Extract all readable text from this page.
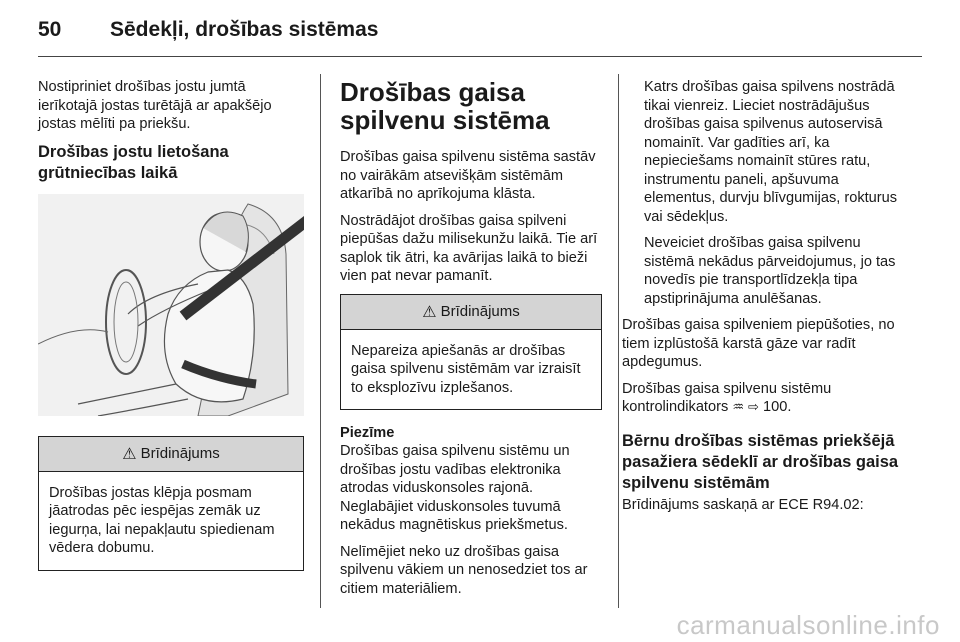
50 Sēdekļi, drošības sistēmas

Nostipriniet drošības jostu jumtā ierīkotajā jostas turētājā ar apakšējo jostas mēlīti pa priekšu.

Drošības jostu lietošana grūtniecības laikā
⚠ Brīdinājums
Drošības jostas klēpja posmam jāatrodas pēc iespējas zemāk uz iegurņa, lai nepakļautu spiedienam vēdera dobumu.
Drošības gaisa spilvenu sistēma

Drošības gaisa spilvenu sistēma sastāv no vairākām atsevišķām sistēmām atkarībā no aprīkojuma klāsta.

Nostrādājot drošības gaisa spilveni piepūšas dažu milisekunžu laikā. Tie arī saplok tik ātri, ka avārijas laikā to bieži vien pat nevar pamanīt.

⚠ Brīdinājums
Nepareiza apiešanās ar drošības gaisa spilvenu sistēmām var izraisīt to eksplozīvu izplešanos.
Piezīme

Drošības gaisa spilvenu sistēmu un drošības jostu vadības elektronika atrodas viduskonsoles rajonā. Neglabājiet viduskonsoles tuvumā nekādus magnētiskus priekšmetus.

Nelīmējiet neko uz drošības gaisa spilvenu vākiem un nenosedziet tos ar citiem materiāliem.

Katrs drošības gaisa spilvens nostrādā tikai vienreiz. Lieciet nostrādājušus drošības gaisa spilvenus autoservisā nomainīt. Var gadīties arī, ka nepieciešams nomainīt stūres ratu, instrumentu paneli, apšuvuma elementus, durvju blīvgumijas, rokturus vai sēdekļus.

Neveiciet drošības gaisa spilvenu sistēmā nekādus pārveidojumus, jo tas novedīs pie transportlīdzekļa tipa apstiprinājuma anulēšanas.

Drošības gaisa spilveniem piepūšoties, no tiem izplūstošā karstā gāze var radīt apdegumus.

Drošības gaisa spilvenu sistēmu kontrolindikators ♒ ⇨ 100.

Bērnu drošības sistēmas priekšējā pasažiera sēdeklī ar drošības gaisa spilvenu sistēmām

Brīdinājums saskaņā ar ECE R94.02:

carmanualsonline.info
